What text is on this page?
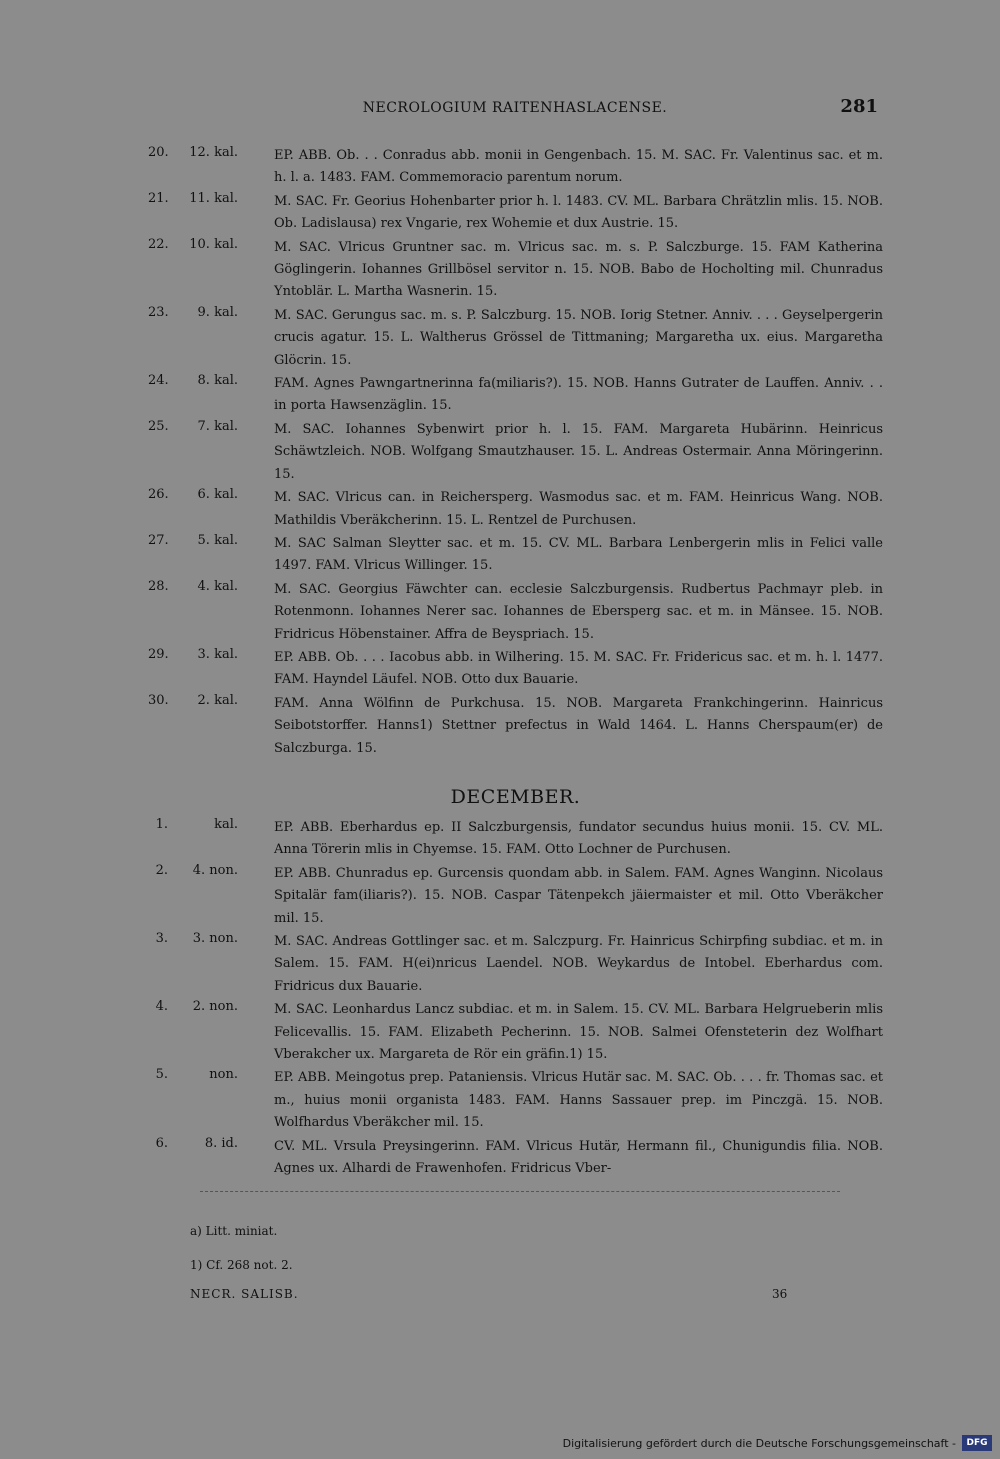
NECROLOGIUM RAITENHASLACENSE.	281
20.	12. kal.	EP. ABB. Ob. . . Conradus abb. monii in Gengenbach. 15. M. SAC. Fr. Valentinus sac. et m. h. l. a. 1483. FAM. Commemoracio parentum norum.
21.	11. kal.	M. SAC. Fr. Georius Hohenbarter prior h. l. 1483. CV. ML. Barbara Chrätzlin mlis. 15. NOB. Ob. Ladislausa) rex Vngarie, rex Wohemie et dux Austrie. 15.
22.	10. kal.	M. SAC. Vlricus Gruntner sac. m. Vlricus sac. m. s. P. Salczburge. 15. FAM Katherina Göglingerin. Iohannes Grillbösel servitor n. 15. NOB. Babo de Hocholting mil. Chunradus Yntoblär. L. Martha Wasnerin. 15.
23.	9. kal.	M. SAC. Gerungus sac. m. s. P. Salczburg. 15. NOB. Iorig Stetner. Anniv. . . . Geyselpergerin crucis agatur. 15. L. Waltherus Grössel de Tittmaning; Margaretha ux. eius. Margaretha Glöcrin. 15.
24.	8. kal.	FAM. Agnes Pawngartnerinna fa(miliaris?). 15. NOB. Hanns Gutrater de Lauffen. Anniv. . . in porta Hawsenzäglin. 15.
25.	7. kal.	M. SAC. Iohannes Sybenwirt prior h. l. 15. FAM. Margareta Hubärinn. Heinricus Schäwtzleich. NOB. Wolfgang Smautzhauser. 15. L. Andreas Ostermair. Anna Möringerinn. 15.
26.	6. kal.	M. SAC. Vlricus can. in Reichersperg. Wasmodus sac. et m. FAM. Heinricus Wang. NOB. Mathildis Vberäkcherinn. 15. L. Rentzel de Purchusen.
27.	5. kal.	M. SAC Salman Sleytter sac. et m. 15. CV. ML. Barbara Lenbergerin mlis in Felici valle 1497. FAM. Vlricus Willinger. 15.
28.	4. kal.	M. SAC. Georgius Fäwchter can. ecclesie Salczburgensis. Rudbertus Pachmayr pleb. in Rotenmonn. Iohannes Nerer sac. Iohannes de Ebersperg sac. et m. in Mänsee. 15. NOB. Fridricus Höbenstainer. Affra de Beyspriach. 15.
29.	3. kal.	EP. ABB. Ob. . . . Iacobus abb. in Wilhering. 15. M. SAC. Fr. Fridericus sac. et m. h. l. 1477. FAM. Hayndel Läufel. NOB. Otto dux Bauarie.
30.	2. kal.	FAM. Anna Wölfinn de Purkchusa. 15. NOB. Margareta Frankchingerinn. Hainricus Seibotstorffer. Hanns1) Stettner prefectus in Wald 1464. L. Hanns Cherspaum(er) de Salczburga. 15.
DECEMBER.
1.	kal.	EP. ABB. Eberhardus ep. II Salczburgensis, fundator secundus huius monii. 15. CV. ML. Anna Törerin mlis in Chyemse. 15. FAM. Otto Lochner de Purchusen.
2.	4. non.	EP. ABB. Chunradus ep. Gurcensis quondam abb. in Salem. FAM. Agnes Wanginn. Nicolaus Spitalär fam(iliaris?). 15. NOB. Caspar Tätenpekch jäiermaister et mil. Otto Vberäkcher mil. 15.
3.	3. non.	M. SAC. Andreas Gottlinger sac. et m. Salczpurg. Fr. Hainricus Schirpfing subdiac. et m. in Salem. 15. FAM. H(ei)nricus Laendel. NOB. Weykardus de Intobel. Eberhardus com. Fridricus dux Bauarie.
4.	2. non.	M. SAC. Leonhardus Lancz subdiac. et m. in Salem. 15. CV. ML. Barbara Helgrueberin mlis Felicevallis. 15. FAM. Elizabeth Pecherinn. 15. NOB. Salmei Ofensteterin dez Wolfhart Vberakcher ux. Margareta de Rör ein gräfin.1) 15.
5.	non.	EP. ABB. Meingotus prep. Pataniensis. Vlricus Hutär sac. M. SAC. Ob. . . . fr. Thomas sac. et m., huius monii organista 1483. FAM. Hanns Sassauer prep. im Pinczgä. 15. NOB. Wolfhardus Vberäkcher mil. 15.
6.	8. id.	CV. ML. Vrsula Preysingerinn. FAM. Vlricus Hutär, Hermann fil., Chunigundis filia. NOB. Agnes ux. Alhardi de Frawenhofen. Fridricus Vber-
a) Litt. miniat.
1) Cf. 268 not. 2.
NECR. SALISB.	36
Digitalisierung gefördert durch die Deutsche Forschungsgemeinschaft -	DFG
